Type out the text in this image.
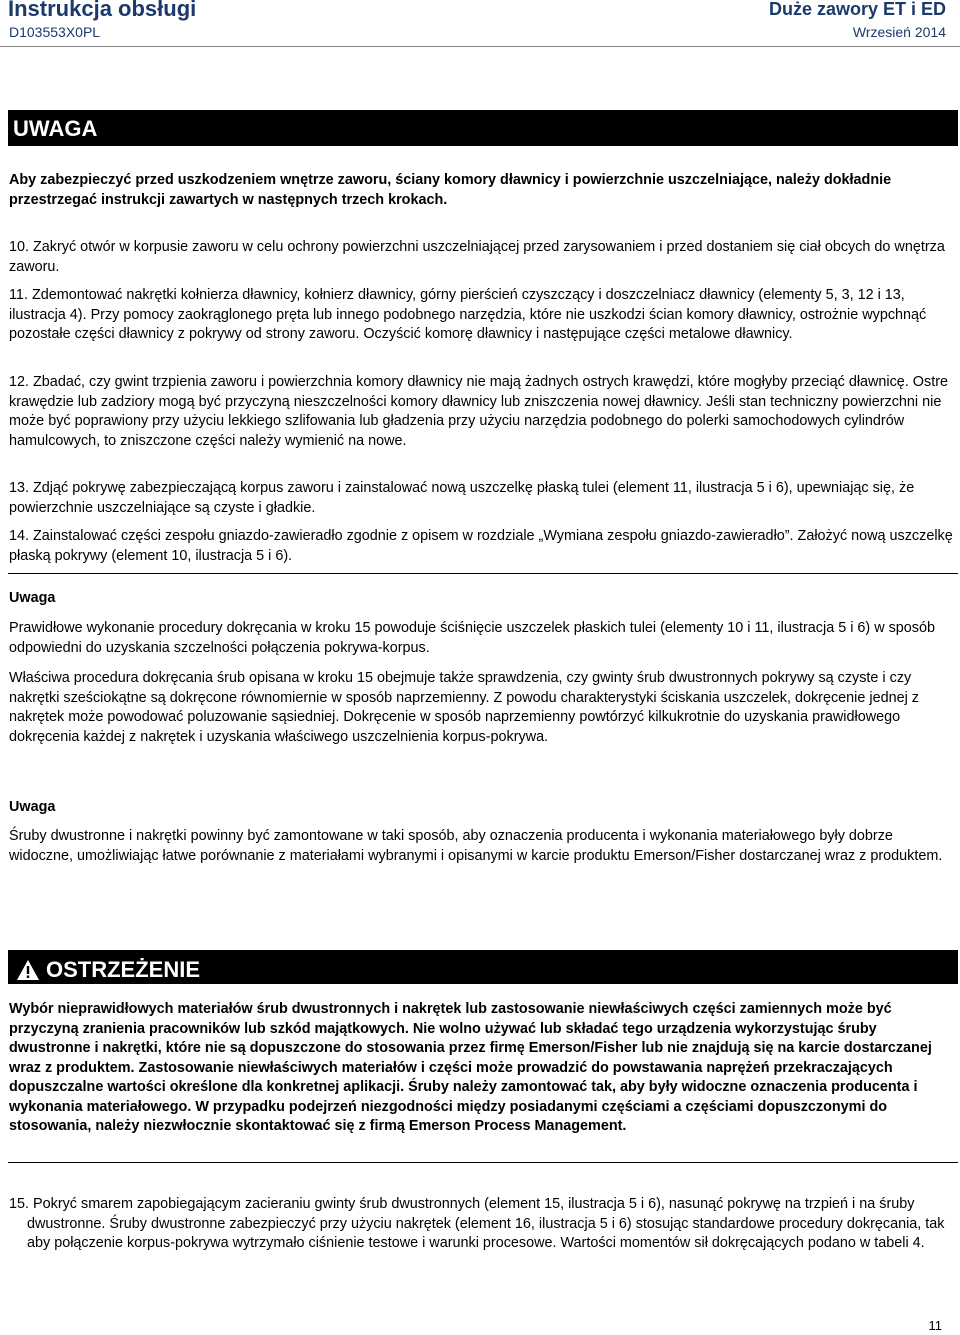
Instrukcja obsługi	Duże zawory ET i ED
D103553X0PL	Wrzesień 2014
UWAGA

Aby zabezpieczyć przed uszkodzeniem wnętrze zaworu, ściany komory dławnicy i powierzchnie uszczelniające, należy dokładnie przestrzegać instrukcji zawartych w następnych trzech krokach.

10. Zakryć otwór w korpusie zaworu w celu ochrony powierzchni uszczelniającej przed zarysowaniem i przed dostaniem się ciał obcych do wnętrza zaworu.
11. Zdemontować nakrętki kołnierza dławnicy, kołnierz dławnicy, górny pierścień czyszczący i doszczelniacz dławnicy (elementy 5, 3, 12 i 13, ilustracja 4). Przy pomocy zaokrąglonego pręta lub innego podobnego narzędzia, które nie uszkodzi ścian komory dławnicy, ostrożnie wypchnąć pozostałe części dławnicy z pokrywy od strony zaworu. Oczyścić komorę dławnicy i następujące części metalowe dławnicy.
12. Zbadać, czy gwint trzpienia zaworu i powierzchnia komory dławnicy nie mają żadnych ostrych krawędzi, które mogłyby przeciąć dławnicę. Ostre krawędzie lub zadziory mogą być przyczyną nieszczelności komory dławnicy lub zniszczenia nowej dławnicy. Jeśli stan techniczny powierzchni nie może być poprawiony przy użyciu lekkiego szlifowania lub gładzenia przy użyciu narzędzia podobnego do polerki samochodowych cylindrów hamulcowych, to zniszczone części należy wymienić na nowe.
13. Zdjąć pokrywę zabezpieczającą korpus zaworu i zainstalować nową uszczelkę płaską tulei (element 11, ilustracja 5 i 6), upewniając się, że powierzchnie uszczelniające są czyste i gładkie.
14. Zainstalować części zespołu gniazdo-zawieradło zgodnie z opisem w rozdziale „Wymiana zespołu gniazdo-zawieradło”. Założyć nową uszczelkę płaską pokrywy (element 10, ilustracja 5 i 6).
Uwaga

Prawidłowe wykonanie procedury dokręcania w kroku 15 powoduje ściśnięcie uszczelek płaskich tulei (elementy 10 i 11, ilustracja 5 i 6) w sposób odpowiedni do uzyskania szczelności połączenia pokrywa-korpus.

Właściwa procedura dokręcania śrub opisana w kroku 15 obejmuje także sprawdzenia, czy gwinty śrub dwustronnych pokrywy są czyste i czy nakrętki sześciokątne są dokręcone równomiernie w sposób naprzemienny. Z powodu charakterystyki ściskania uszczelek, dokręcenie jednej z nakrętek może powodować poluzowanie sąsiedniej. Dokręcenie w sposób naprzemienny powtórzyć kilkukrotnie do uzyskania prawidłowego dokręcenia każdej z nakrętek i uzyskania właściwego uszczelnienia korpus-pokrywa.

Uwaga

Śruby dwustronne i nakrętki powinny być zamontowane w taki sposób, aby oznaczenia producenta i wykonania materiałowego były dobrze widoczne, umożliwiając łatwe porównanie z materiałami wybranymi i opisanymi w karcie produktu Emerson/Fisher dostarczanej wraz z produktem.

OSTRZEŻENIE

Wybór nieprawidłowych materiałów śrub dwustronnych i nakrętek lub zastosowanie niewłaściwych części zamiennych może być przyczyną zranienia pracowników lub szkód majątkowych. Nie wolno używać lub składać tego urządzenia wykorzystując śruby dwustronne i nakrętki, które nie są dopuszczone do stosowania przez firmę Emerson/Fisher lub nie znajdują się na karcie dostarczanej wraz z produktem. Zastosowanie niewłaściwych materiałów i części może prowadzić do powstawania naprężeń przekraczających dopuszczalne wartości określone dla konkretnej aplikacji. Śruby należy zamontować tak, aby były widoczne oznaczenia producenta i wykonania materiałowego. W przypadku podejrzeń niezgodności między posiadanymi częściami a częściami dopuszczonymi do stosowania, należy niezwłocznie skontaktować się z firmą Emerson Process Management.

15. Pokryć smarem zapobiegającym zacieraniu gwinty śrub dwustronnych (element 15, ilustracja 5 i 6), nasunąć pokrywę na trzpień i na śruby dwustronne. Śruby dwustronne zabezpieczyć przy użyciu nakrętek (element 16, ilustracja 5 i 6) stosując standardowe procedury dokręcania, tak aby połączenie korpus-pokrywa wytrzymało ciśnienie testowe i warunki procesowe. Wartości momentów sił dokręcających podano w tabeli 4.
11
